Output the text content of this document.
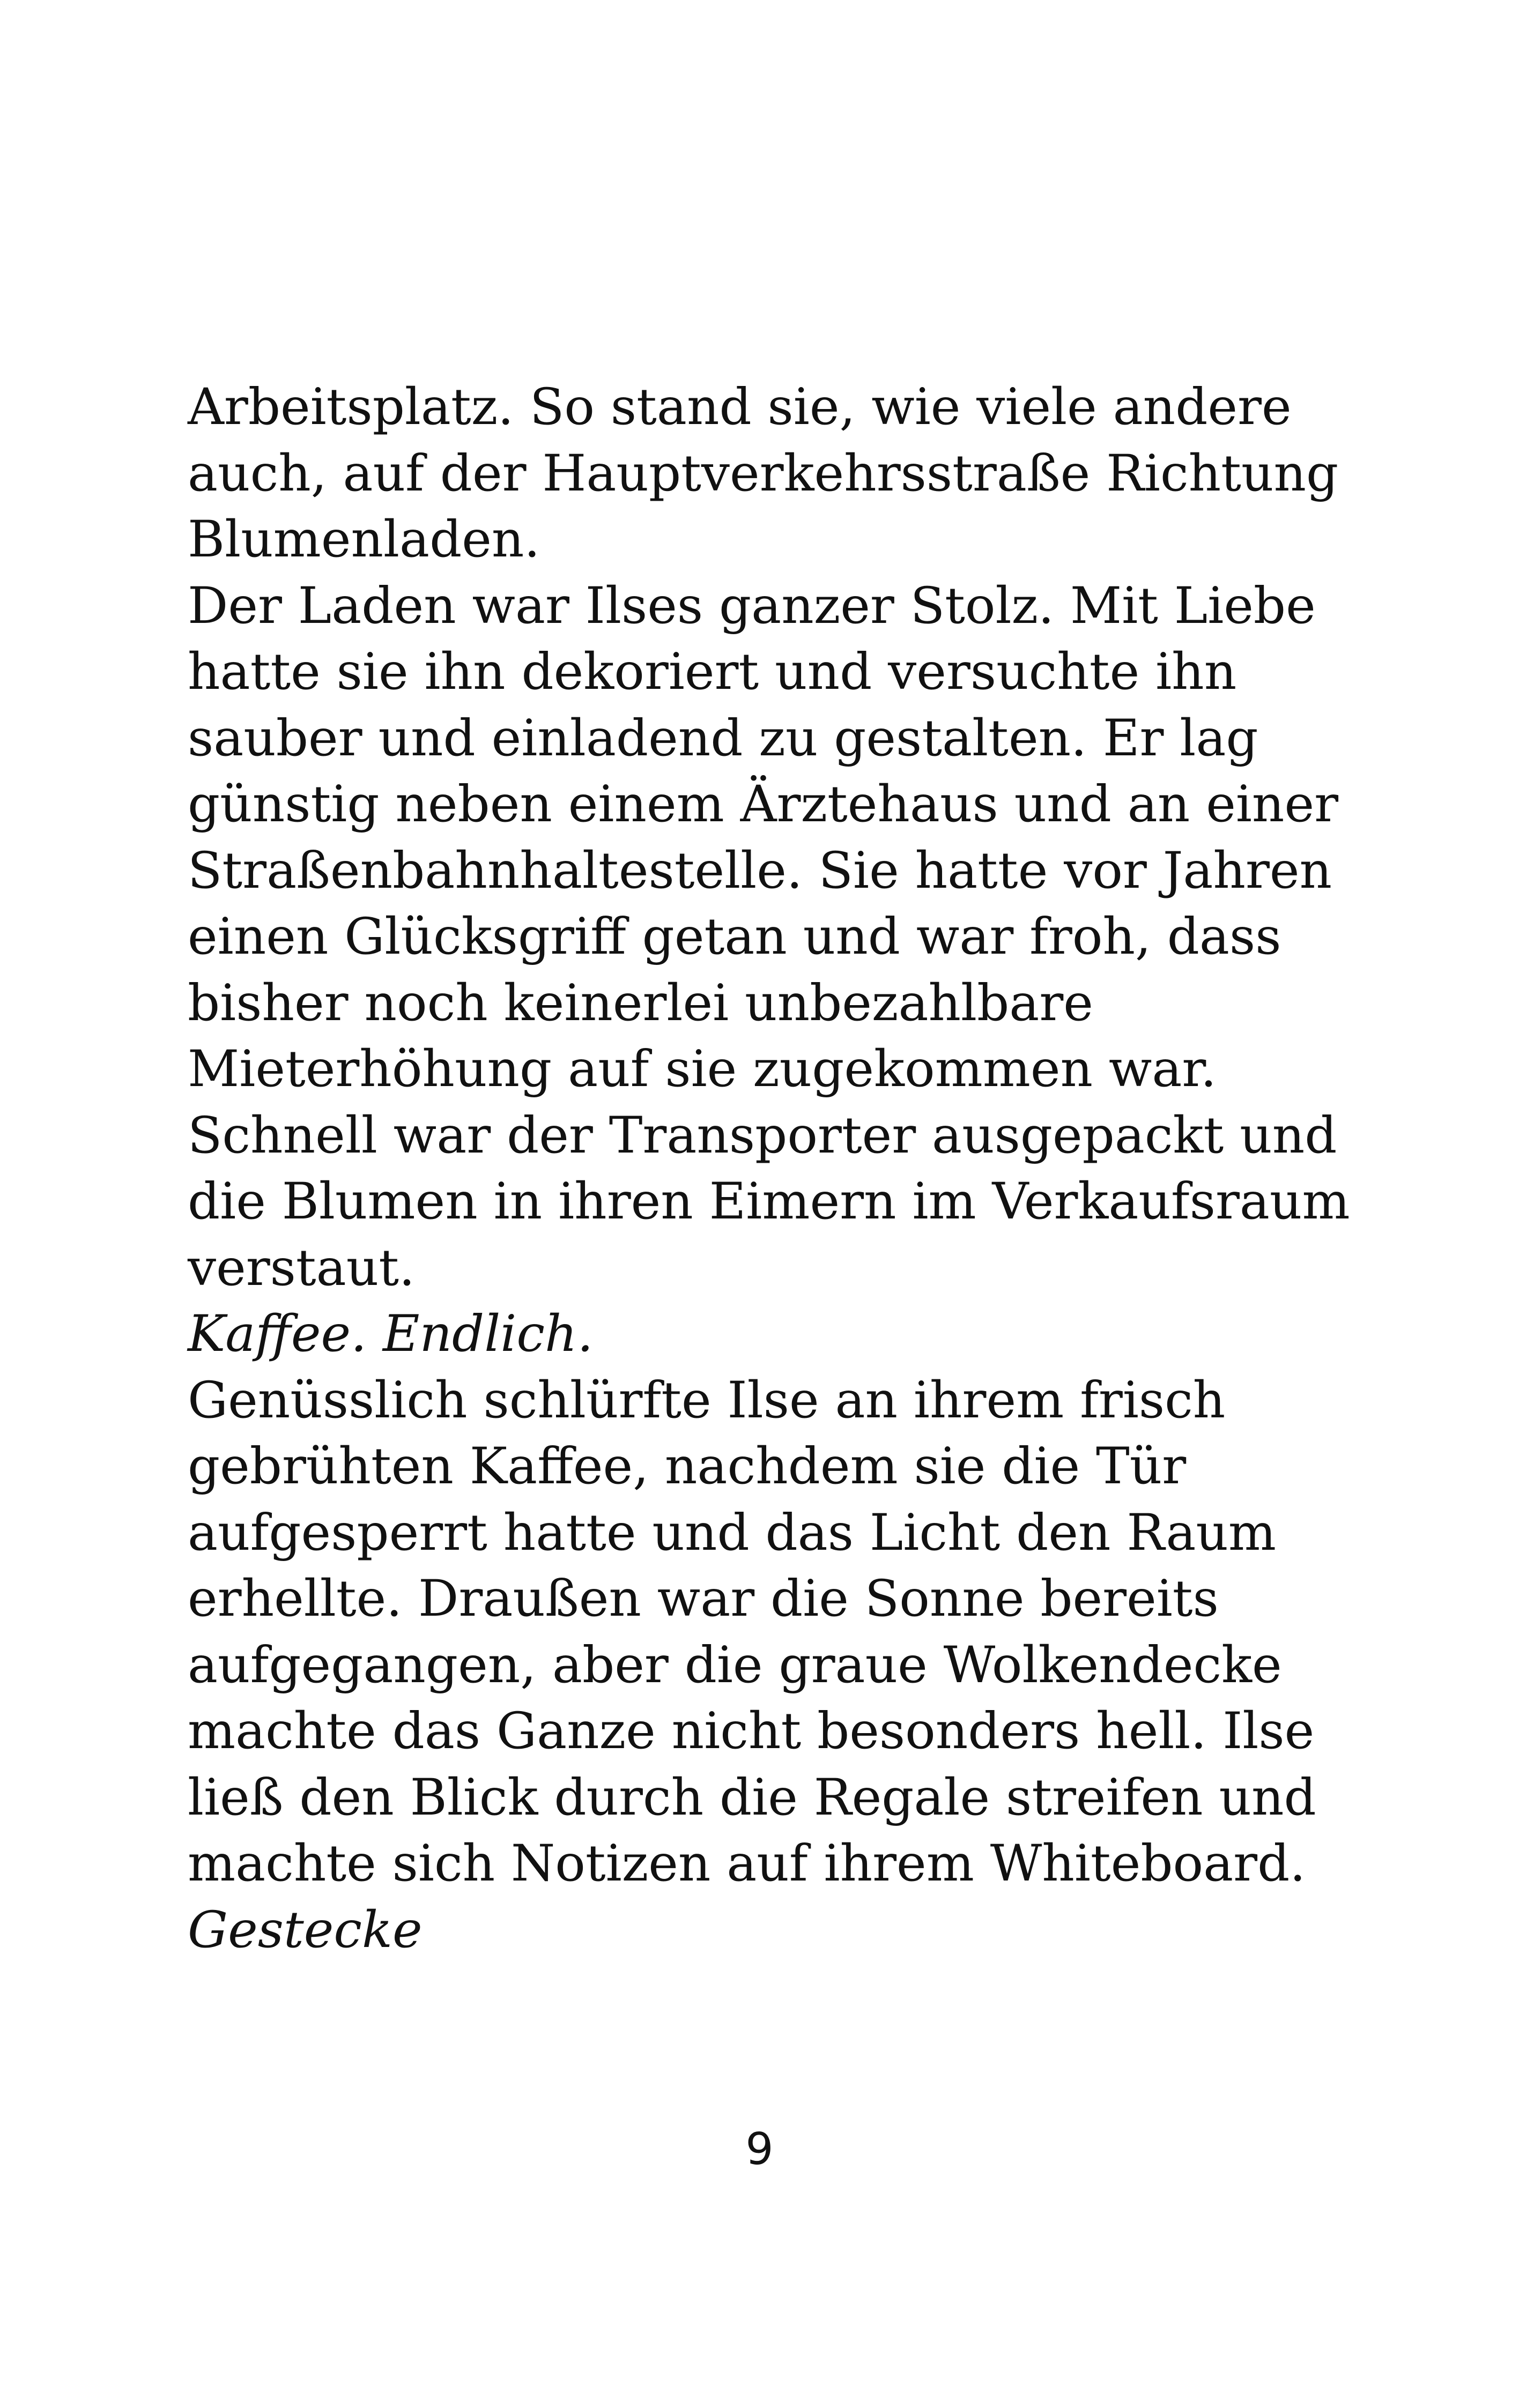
Arbeitsplatz. So stand sie, wie viele andere
auch, auf der Hauptverkehrsstraße Richtung
Blumenladen.
Der Laden war Ilses ganzer Stolz. Mit Liebe
hatte sie ihn dekoriert und versuchte ihn
sauber und einladend zu gestalten. Er lag
günstig neben einem Ärztehaus und an einer
Straßenbahnhaltestelle. Sie hatte vor Jahren
einen Glücksgriff getan und war froh, dass
bisher noch keinerlei unbezahlbare
Mieterhöhung auf sie zugekommen war.
Schnell war der Transporter ausgepackt und
die Blumen in ihren Eimern im Verkaufsraum
verstaut.
Kaffee. Endlich.
Genüsslich schlürfte Ilse an ihrem frisch
gebrühten Kaffee, nachdem sie die Tür
aufgesperrt hatte und das Licht den Raum
erhellte. Draußen war die Sonne bereits
aufgegangen, aber die graue Wolkendecke
machte das Ganze nicht besonders hell. Ilse
ließ den Blick durch die Regale streifen und
machte sich Notizen auf ihrem Whiteboard.
Gestecke
9
